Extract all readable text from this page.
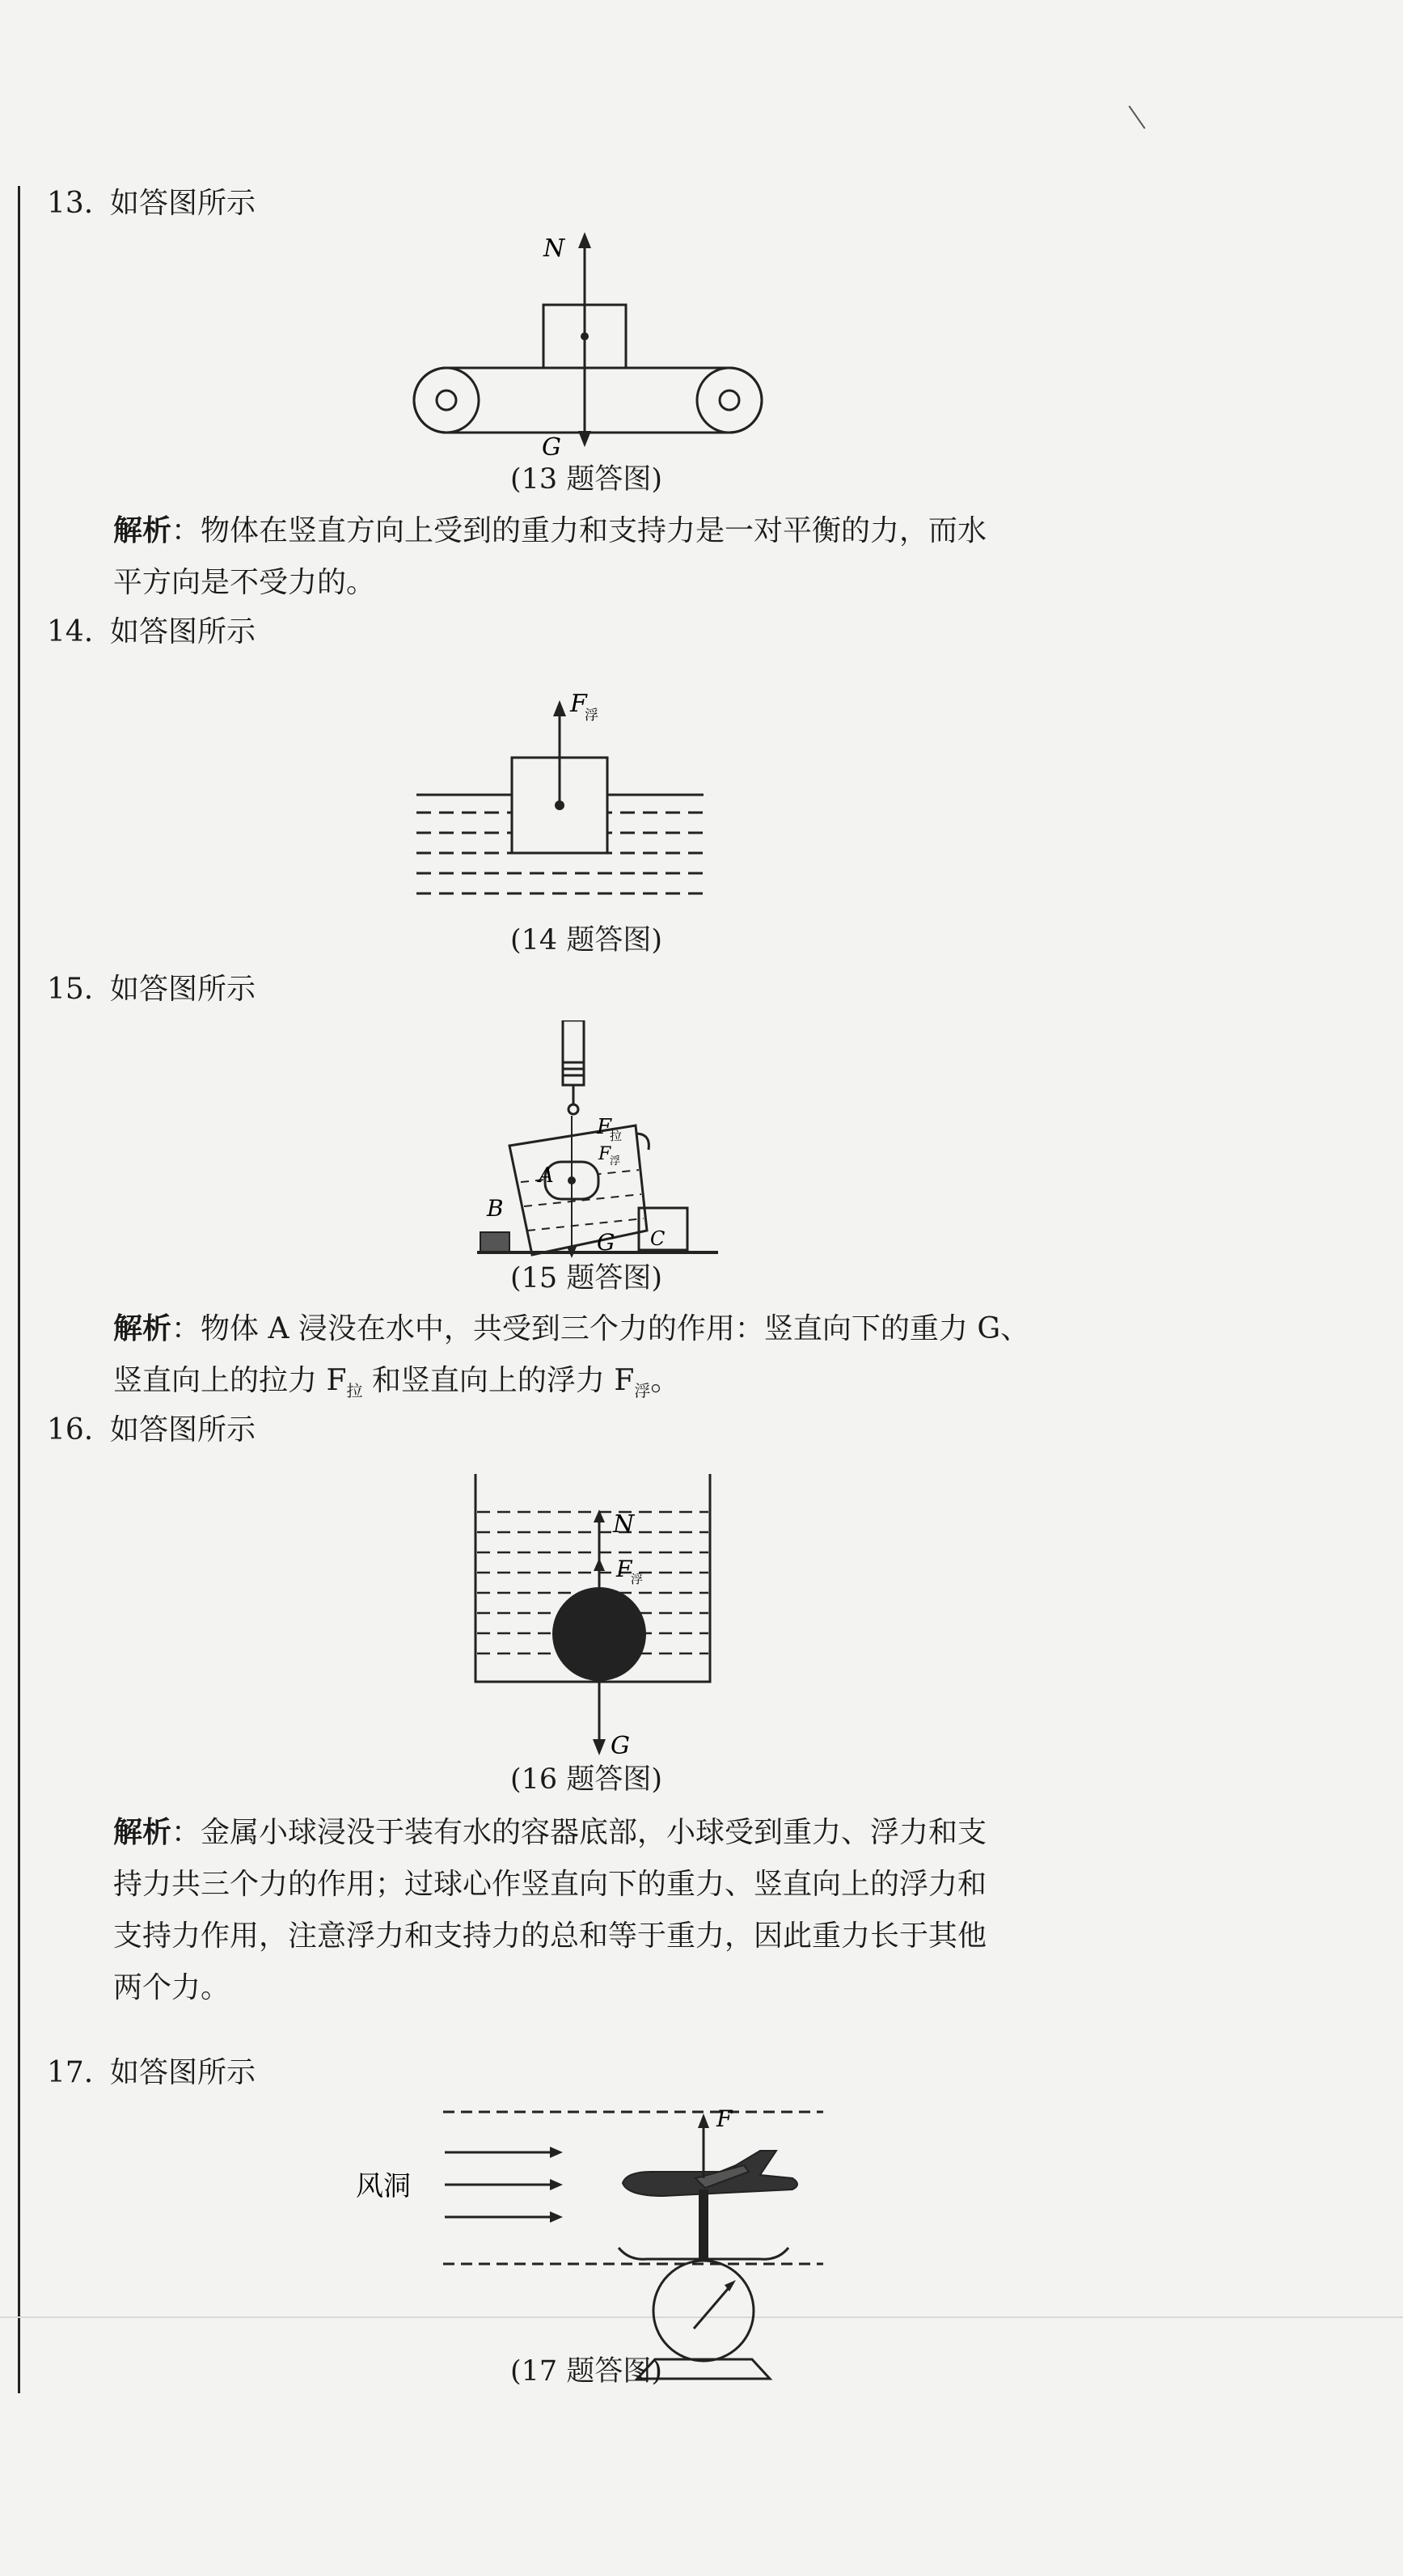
13. 如答图所示
N
G
(13 题答图)
解析：物体在竖直方向上受到的重力和支持力是一对平衡的力，而水
平方向是不受力的。
14. 如答图所示
F
浮
(14 题答图)
15. 如答图所示
F
拉
F
浮
A
B
C
G
(15 题答图)
解析：物体 A 浸没在水中，共受到三个力的作用：竖直向下的重力 G、
竖直向上的拉力 $F_拉$ 和竖直向上的浮力 $F_浮$。
16. 如答图所示
N
F
浮
G
(16 题答图)
解析：金属小球浸没于装有水的容器底部，小球受到重力、浮力和支
持力共三个力的作用；过球心作竖直向下的重力、竖直向上的浮力和
支持力作用，注意浮力和支持力的总和等于重力，因此重力长于其他
两个力。
17. 如答图所示
风洞
F
(17 题答图)
